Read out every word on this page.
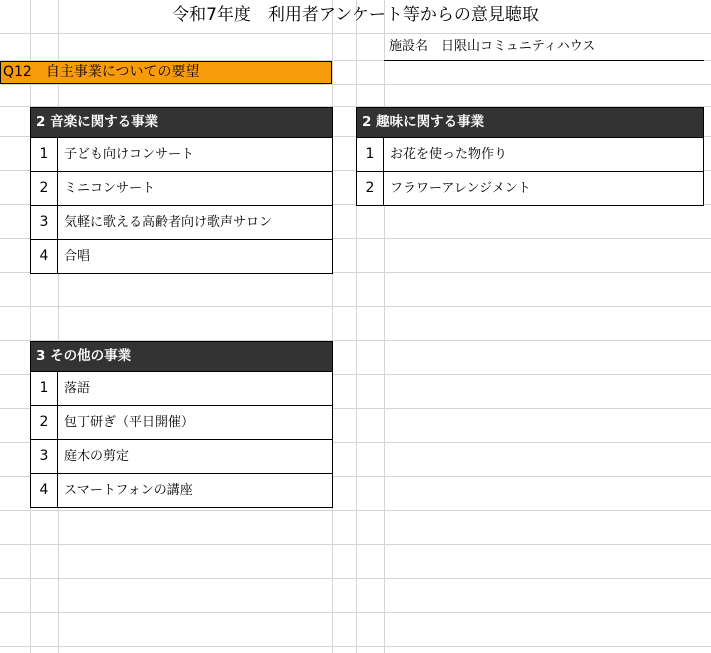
令和7年度　利用者アンケート等からの意見聴取
施設名　日限山コミュニティハウス
Q12　自主事業についての要望
2 音楽に関する事業
1	子ども向けコンサート
2	ミニコンサート
3	気軽に歌える高齢者向け歌声サロン
4	合唱
2 趣味に関する事業
1	お花を使った物作り
2	フラワーアレンジメント
3 その他の事業
1	落語
2	包丁研ぎ（平日開催）
3	庭木の剪定
4	スマートフォンの講座
